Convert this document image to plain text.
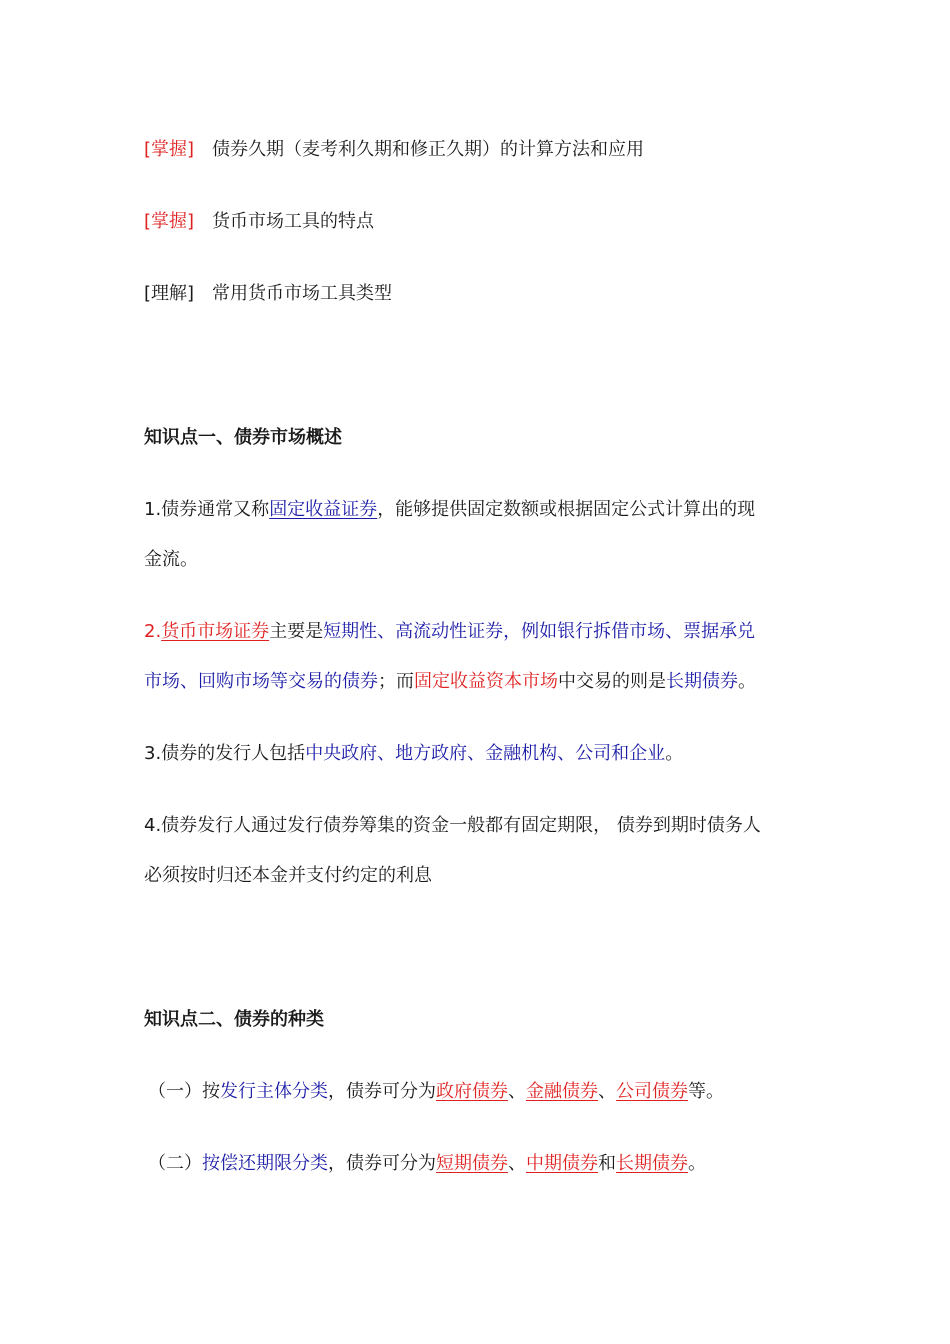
[掌握] 债券久期（麦考利久期和修正久期）的计算方法和应用
[掌握] 货币市场工具的特点
[理解] 常用货币市场工具类型
知识点一、债券市场概述
1.债券通常又称固定收益证券，能够提供固定数额或根据固定公式计算出的现
金流。
2.货币市场证券主要是短期性、高流动性证券，例如银行拆借市场、票据承兑
市场、回购市场等交易的债券；而固定收益资本市场中交易的则是长期债券。
3.债券的发行人包括中央政府、地方政府、金融机构、公司和企业。
4.债券发行人通过发行债券筹集的资金一般都有固定期限， 债券到期时债务人
必须按时归还本金并支付约定的利息
知识点二、债券的种类
（一）按发行主体分类，债券可分为政府债券、金融债券、公司债券等。
（二）按偿还期限分类，债券可分为短期债券、中期债券和长期债券。
